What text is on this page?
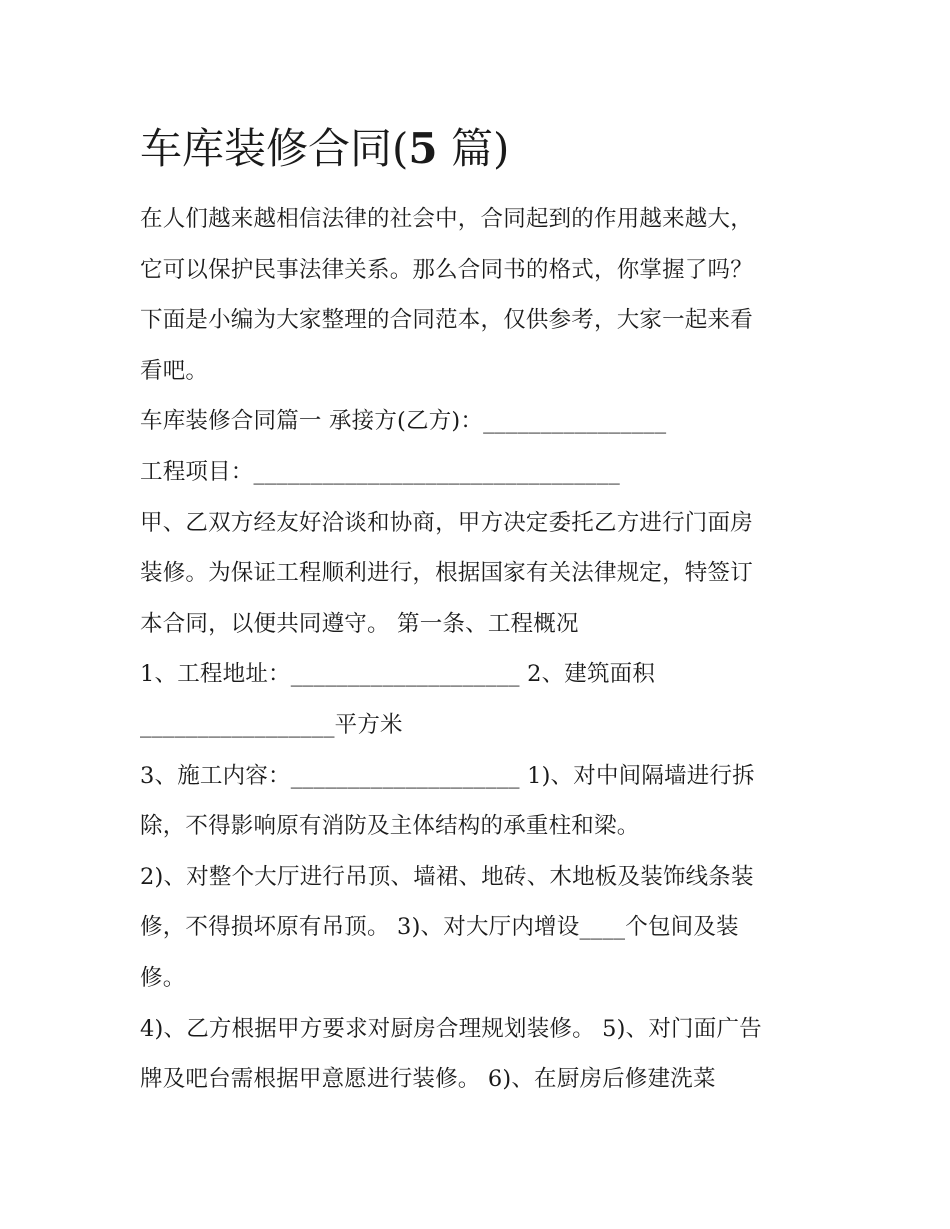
车库装修合同(5 篇)
在人们越来越相信法律的社会中，合同起到的作用越来越大，
它可以保护民事法律关系。那么合同书的格式，你掌握了吗？
下面是小编为大家整理的合同范本，仅供参考，大家一起来看
看吧。
车库装修合同篇一 承接方(乙方)：________________
工程项目：________________________________
甲、乙双方经友好洽谈和协商，甲方决定委托乙方进行门面房
装修。为保证工程顺利进行，根据国家有关法律规定，特签订
本合同，以便共同遵守。 第一条、工程概况
1、工程地址：____________________ 2、建筑面积
_________________平方米
3、施工内容：____________________ 1)、对中间隔墙进行拆
除，不得影响原有消防及主体结构的承重柱和梁。
2)、对整个大厅进行吊顶、墙裙、地砖、木地板及装饰线条装
修，不得损坏原有吊顶。 3)、对大厅内增设____个包间及装
修。
4)、乙方根据甲方要求对厨房合理规划装修。 5)、对门面广告
牌及吧台需根据甲意愿进行装修。 6)、在厨房后修建洗菜
